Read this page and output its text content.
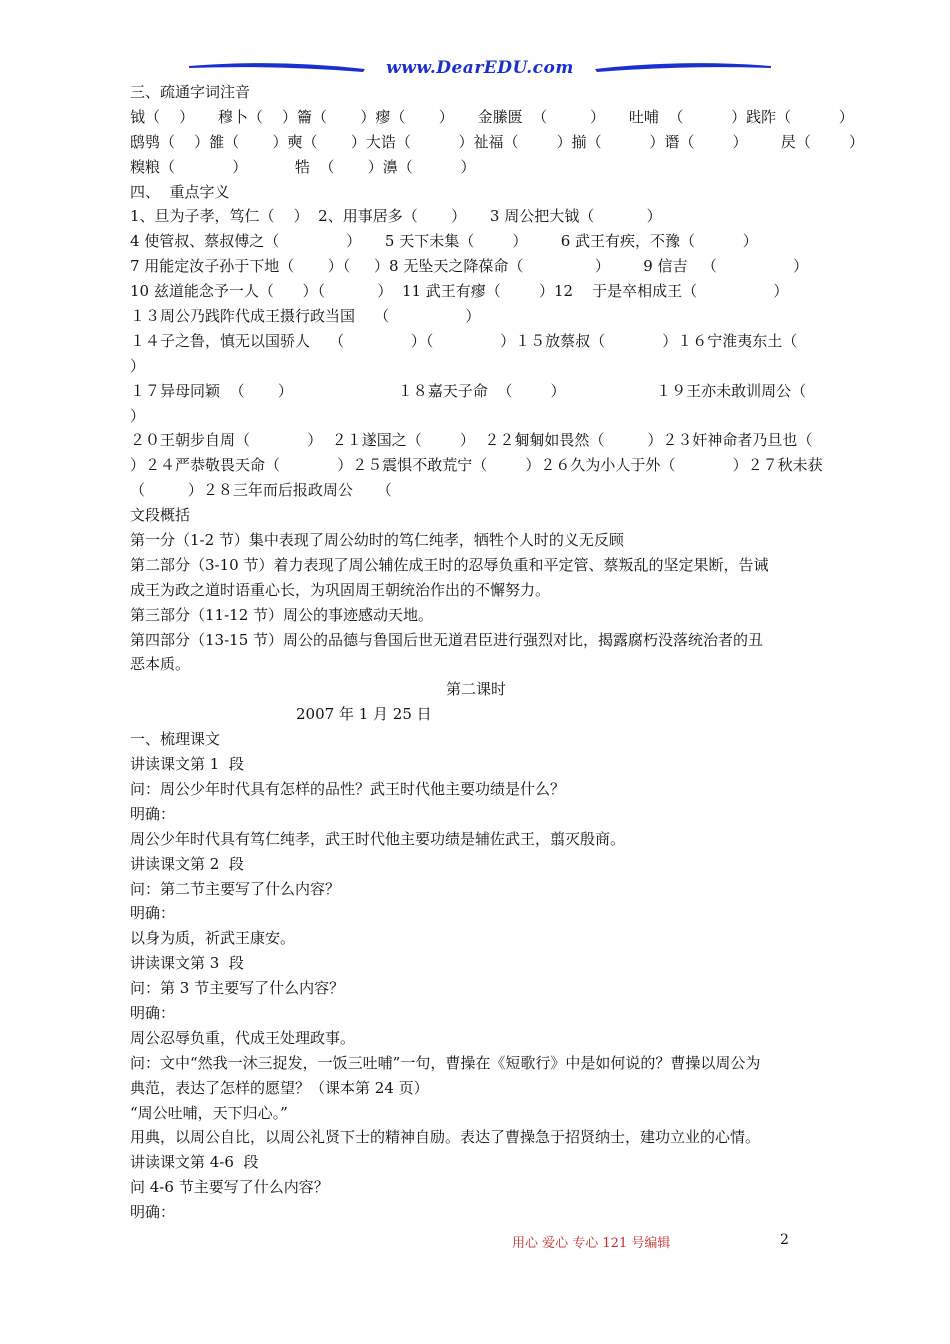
www.DearEDU.com
三、疏通字词注音
钺（    ）     穆卜（    ）籥（       ）瘳（       ）     金縢匮  （         ）     吐哺  （          ）践阼（          ）
鸱鸮（    ）雒（       ）奭（       ）大诰（          ）祉福（        ）揃（          ）谮（        ）       昃（        ）
糗粮（            ）          牿  （       ）濞（          ）
四、  重点字义
1、旦为子孝，笃仁（    ）  2、用事居多（       ）     3 周公把大钺（           ）
4 使管叔、蔡叔傅之（              ）     5 天下未集（        ）       6 武王有疾，不豫（          ）
7 用能定汝子孙于下地（       ）（     ）8 无坠天之降葆命（               ）       9 信吉   （                ）
10 兹道能念予一人（      ）（           ）  11 武王有瘳（        ）12    于是卒相成王（                ）
１３周公乃践阼代成王摄行政当国    （                ）
１４子之鲁，慎无以国骄人    （              ）（              ）１５放蔡叔（            ）１６宁淮夷东土（
）
１７异母同颖  （       ）                      １８嘉天子命  （        ）                   １９王亦未敢训周公（
）
２０王朝步自周（            ）  ２１遂国之（        ）  ２２匔匔如畏然（         ）２３奸神命者乃旦也（
）２４严恭敬畏天命（            ）２５震惧不敢荒宁（        ）２６久为小人于外（            ）２７秋未获
（         ）２８三年而后报政周公     （
文段概括
第一分（1-2 节）集中表现了周公幼时的笃仁纯孝，牺牲个人时的义无反顾
第二部分（3-10 节）着力表现了周公辅佐成王时的忍辱负重和平定管、蔡叛乱的坚定果断，告诫
成王为政之道时语重心长，为巩固周王朝统治作出的不懈努力。
第三部分（11-12 节）周公的事迹感动天地。
第四部分（13-15 节）周公的品德与鲁国后世无道君臣进行强烈对比，揭露腐朽没落统治者的丑
恶本质。
第二课时
2007 年 1 月 25 日
一、梳理课文
讲读课文第 1  段
问：周公少年时代具有怎样的品性？武王时代他主要功绩是什么？
明确：
周公少年时代具有笃仁纯孝，武王时代他主要功绩是辅佐武王，翦灭殷商。
讲读课文第 2  段
问：第二节主要写了什么内容？
明确：
以身为质，祈武王康安。
讲读课文第 3  段
问：第 3 节主要写了什么内容？
明确：
周公忍辱负重，代成王处理政事。
问：文中“然我一沐三捉发，一饭三吐哺”一句，曹操在《短歌行》中是如何说的？曹操以周公为
典范，表达了怎样的愿望？（课本第 24 页）
“周公吐哺，天下归心。”
用典，以周公自比，以周公礼贤下士的精神自励。表达了曹操急于招贤纳士，建功立业的心情。
讲读课文第 4-6  段
问 4-6 节主要写了什么内容？
明确：
用心 爱心 专心 121 号编辑	2
